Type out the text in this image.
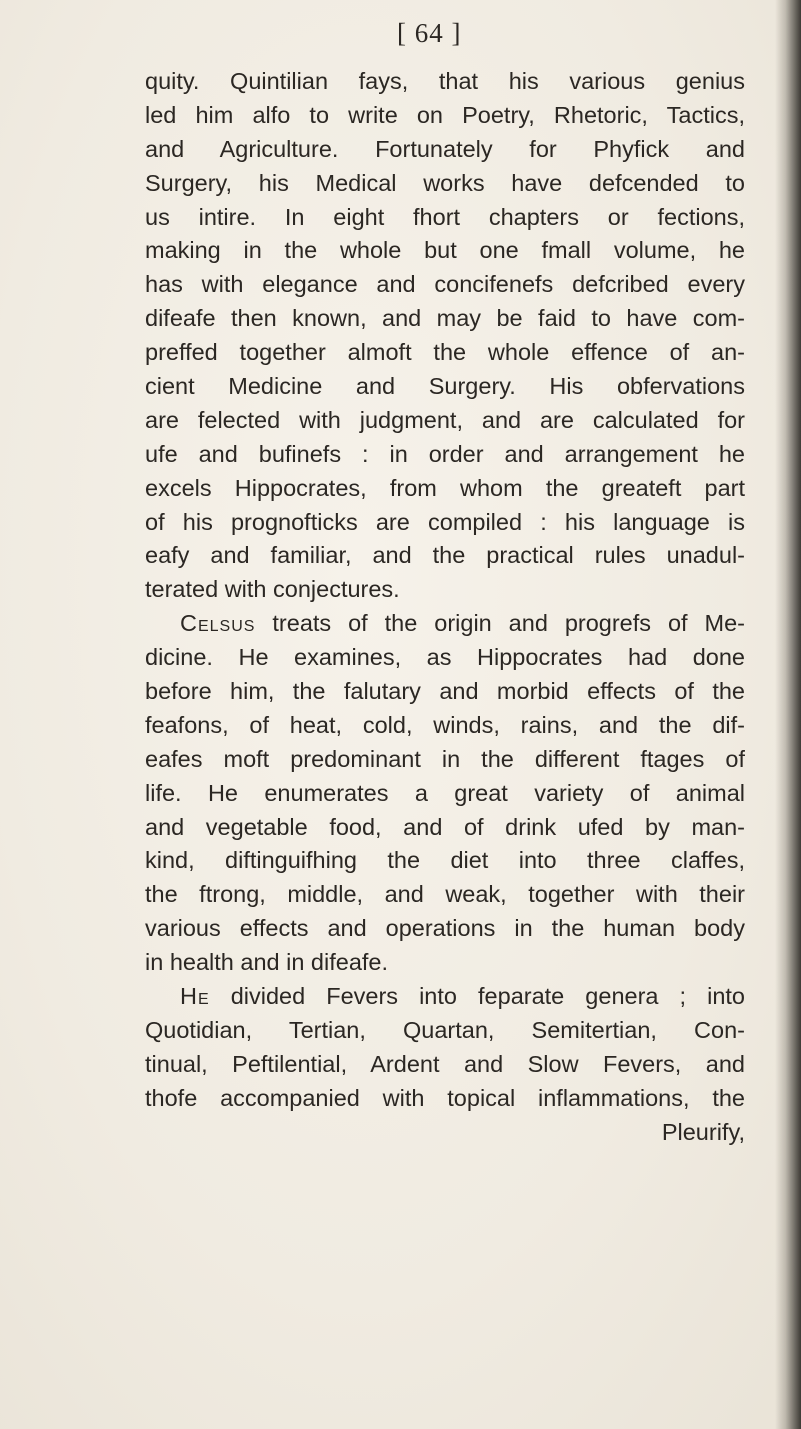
[ 64 ]
quity. Quintilian fays, that his various genius
led him alfo to write on Poetry, Rhetoric, Tactics,
and Agriculture. Fortunately for Phyfick and
Surgery, his Medical works have defcended to
us intire. In eight fhort chapters or fections,
making in the whole but one fmall volume, he
has with elegance and concifenefs defcribed every
difeafe then known, and may be faid to have com-
preffed together almoft the whole effence of an-
cient Medicine and Surgery. His obfervations
are felected with judgment, and are calculated for
ufe and bufinefs : in order and arrangement he
excels Hippocrates, from whom the greateft part
of his prognofticks are compiled : his language is
eafy and familiar, and the practical rules unadul-
terated with conjectures.
Celsus treats of the origin and progrefs of Me-
dicine. He examines, as Hippocrates had done
before him, the falutary and morbid effects of the
feafons, of heat, cold, winds, rains, and the dif-
eafes moft predominant in the different ftages of
life. He enumerates a great variety of animal
and vegetable food, and of drink ufed by man-
kind, diftinguifhing the diet into three claffes,
the ftrong, middle, and weak, together with their
various effects and operations in the human body
in health and in difeafe.
He divided Fevers into feparate genera ; into
Quotidian, Tertian, Quartan, Semitertian, Con-
tinual, Peftilential, Ardent and Slow Fevers, and
thofe accompanied with topical inflammations, the
Pleurify,
